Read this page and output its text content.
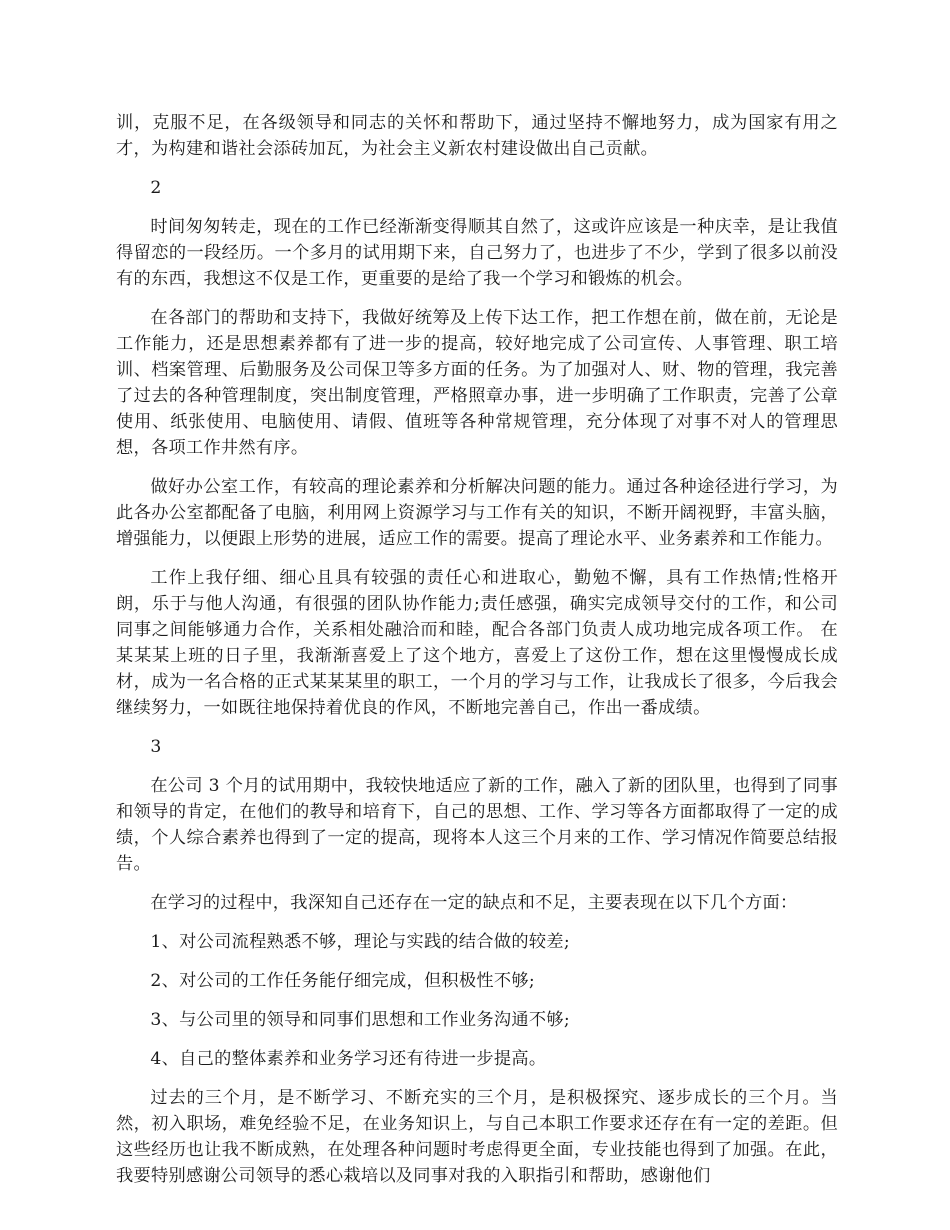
训，克服不足，在各级领导和同志的关怀和帮助下，通过坚持不懈地努力，成为国家有用之才，为构建和谐社会添砖加瓦，为社会主义新农村建设做出自己贡献。

2

时间匆匆转走，现在的工作已经渐渐变得顺其自然了，这或许应该是一种庆幸，是让我值得留恋的一段经历。一个多月的试用期下来，自己努力了，也进步了不少，学到了很多以前没有的东西，我想这不仅是工作，更重要的是给了我一个学习和锻炼的机会。

在各部门的帮助和支持下，我做好统筹及上传下达工作，把工作想在前，做在前，无论是工作能力，还是思想素养都有了进一步的提高，较好地完成了公司宣传、人事管理、职工培训、档案管理、后勤服务及公司保卫等多方面的任务。为了加强对人、财、物的管理，我完善了过去的各种管理制度，突出制度管理，严格照章办事，进一步明确了工作职责，完善了公章使用、纸张使用、电脑使用、请假、值班等各种常规管理，充分体现了对事不对人的管理思想，各项工作井然有序。

做好办公室工作，有较高的理论素养和分析解决问题的能力。通过各种途径进行学习，为此各办公室都配备了电脑，利用网上资源学习与工作有关的知识，不断开阔视野，丰富头脑，增强能力，以便跟上形势的进展，适应工作的需要。提高了理论水平、业务素养和工作能力。

工作上我仔细、细心且具有较强的责任心和进取心，勤勉不懈，具有工作热情;性格开朗，乐于与他人沟通，有很强的团队协作能力;责任感强，确实完成领导交付的工作，和公司同事之间能够通力合作，关系相处融洽而和睦，配合各部门负责人成功地完成各项工作。 在某某某上班的日子里，我渐渐喜爱上了这个地方，喜爱上了这份工作，想在这里慢慢成长成材，成为一名合格的正式某某某里的职工，一个月的学习与工作，让我成长了很多，今后我会继续努力，一如既往地保持着优良的作风，不断地完善自己，作出一番成绩。

3

在公司 3 个月的试用期中，我较快地适应了新的工作，融入了新的团队里，也得到了同事和领导的肯定，在他们的教导和培育下，自己的思想、工作、学习等各方面都取得了一定的成绩，个人综合素养也得到了一定的提高，现将本人这三个月来的工作、学习情况作简要总结报告。

在学习的过程中，我深知自己还存在一定的缺点和不足，主要表现在以下几个方面：

1、对公司流程熟悉不够，理论与实践的结合做的较差;

2、对公司的工作任务能仔细完成，但积极性不够;

3、与公司里的领导和同事们思想和工作业务沟通不够;

4、自己的整体素养和业务学习还有待进一步提高。

过去的三个月，是不断学习、不断充实的三个月，是积极探究、逐步成长的三个月。当然，初入职场，难免经验不足，在业务知识上，与自己本职工作要求还存在有一定的差距。但这些经历也让我不断成熟，在处理各种问题时考虑得更全面，专业技能也得到了加强。在此，我要特别感谢公司领导的悉心栽培以及同事对我的入职指引和帮助，感谢他们
